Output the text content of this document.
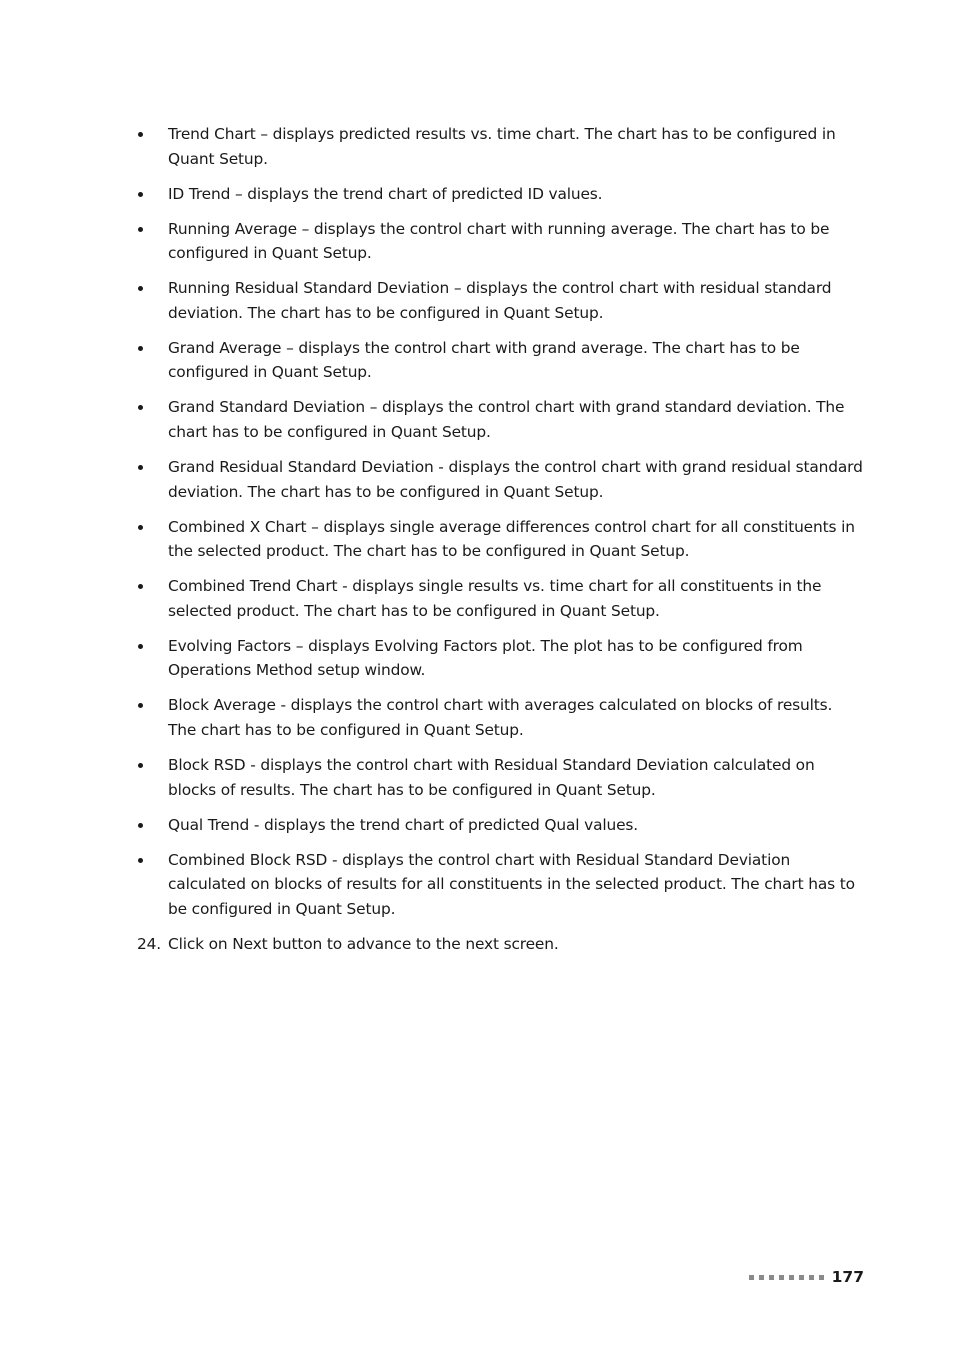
Trend Chart – displays predicted results vs. time chart. The chart has to be configured in Quant Setup.
ID Trend – displays the trend chart of predicted ID values.
Running Average – displays the control chart with running average. The chart has to be configured in Quant Setup.
Running Residual Standard Deviation – displays the control chart with residual standard deviation. The chart has to be configured in Quant Setup.
Grand Average – displays the control chart with grand average. The chart has to be configured in Quant Setup.
Grand Standard Deviation – displays the control chart with grand standard deviation. The chart has to be configured in Quant Setup.
Grand Residual Standard Deviation - displays the control chart with grand residual standard deviation. The chart has to be configured in Quant Setup.
Combined X Chart – displays single average differences control chart for all constituents in the selected product. The chart has to be configured in Quant Setup.
Combined Trend Chart - displays single results vs. time chart for all constituents in the selected product. The chart has to be configured in Quant Setup.
Evolving Factors – displays Evolving Factors plot. The plot has to be configured from Operations Method setup window.
Block Average - displays the control chart with averages calculated on blocks of results. The chart has to be configured in Quant Setup.
Block RSD - displays the control chart with Residual Standard Deviation calculated on blocks of results. The chart has to be configured in Quant Setup.
Qual Trend - displays the trend chart of predicted Qual values.
Combined Block RSD - displays the control chart with Residual Standard Deviation calculated on blocks of results for all constituents in the selected product. The chart has to be configured in Quant Setup.
24. Click on Next button to advance to the next screen.
177
